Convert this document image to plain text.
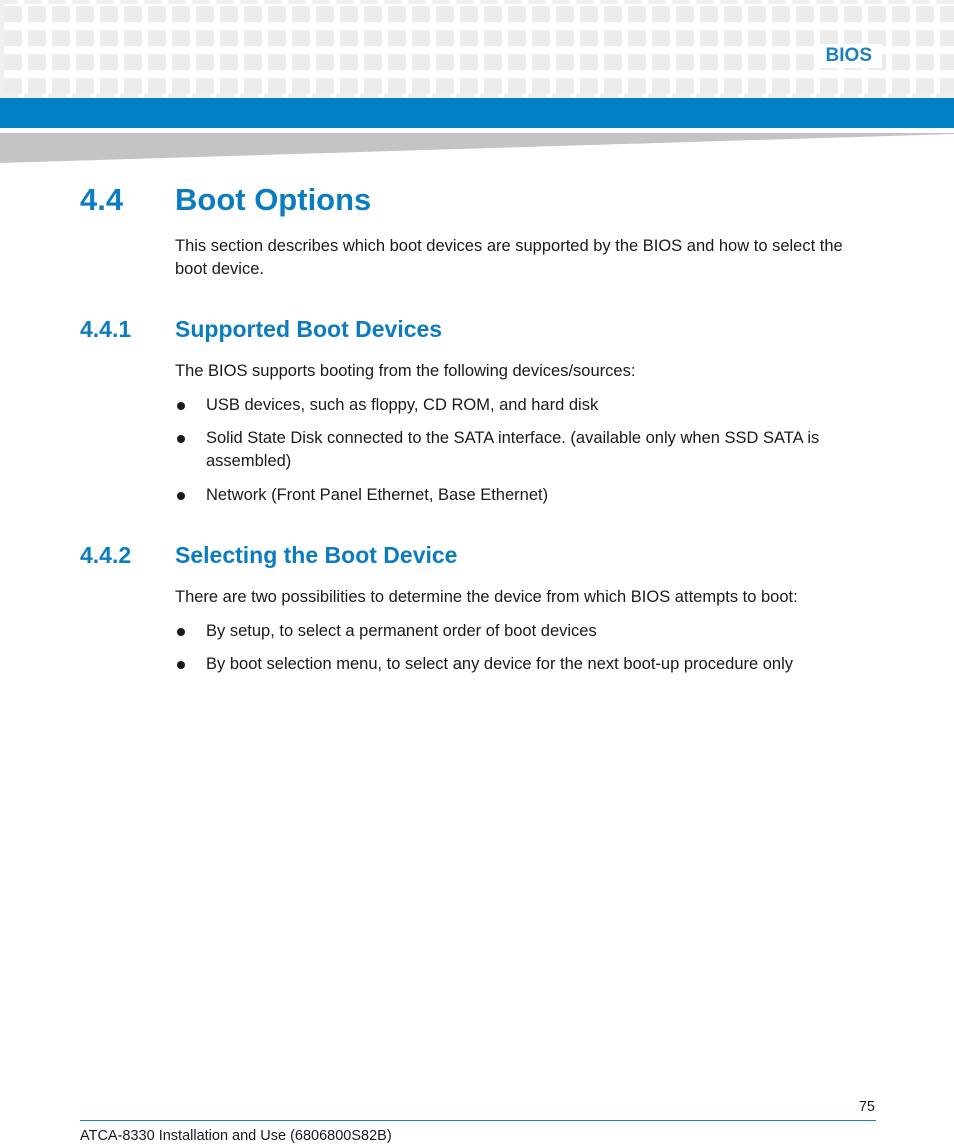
BIOS
4.4 Boot Options
This section describes which boot devices are supported by the BIOS and how to select the boot device.
4.4.1 Supported Boot Devices
The BIOS supports booting from the following devices/sources:
USB devices, such as floppy, CD ROM, and hard disk
Solid State Disk connected to the SATA interface. (available only when SSD SATA is assembled)
Network (Front Panel Ethernet, Base Ethernet)
4.4.2 Selecting the Boot Device
There are two possibilities to determine the device from which BIOS attempts to boot:
By setup, to select a permanent order of boot devices
By boot selection menu, to select any device for the next boot-up procedure only
75
ATCA-8330 Installation and Use (6806800S82B)
